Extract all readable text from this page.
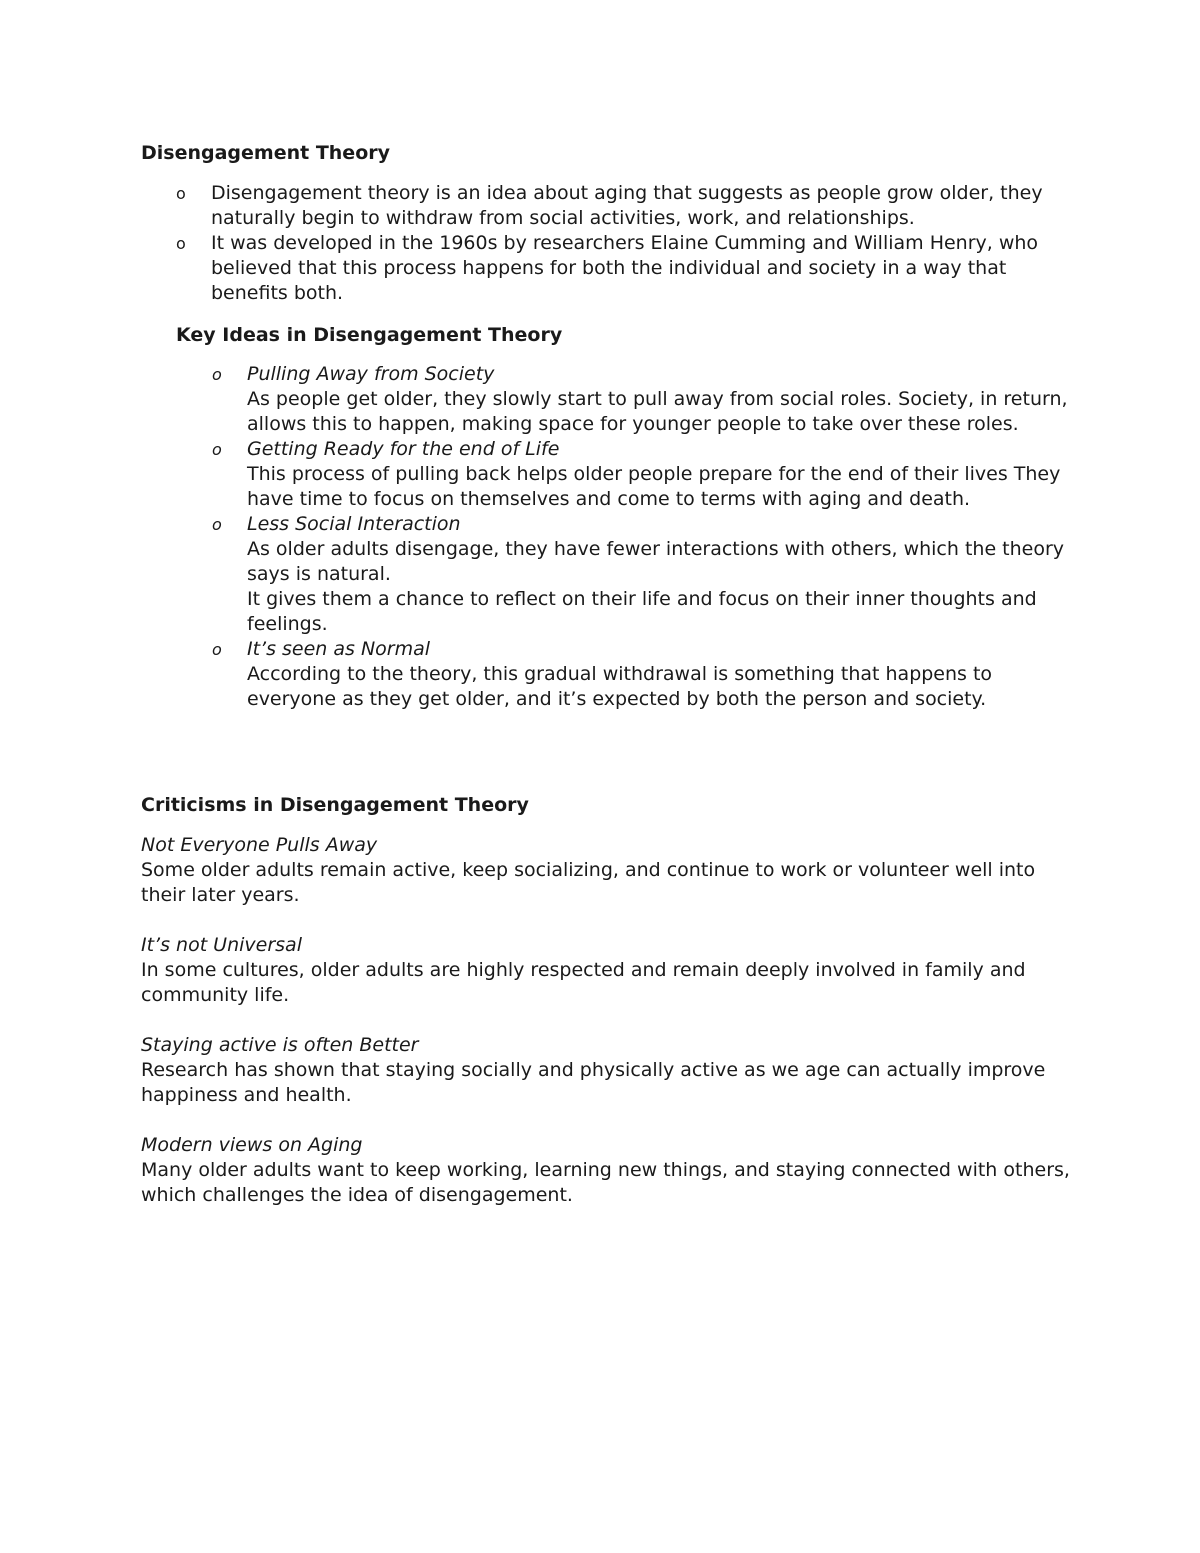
Disengagement Theory
o Disengagement theory is an idea about aging that suggests as people grow older, they naturally begin to withdraw from social activities, work, and relationships.
o It was developed in the 1960s by researchers Elaine Cumming and William Henry, who believed that this process happens for both the individual and society in a way that benefits both.
Key Ideas in Disengagement Theory
o Pulling Away from Society
As people get older, they slowly start to pull away from social roles. Society, in return, allows this to happen, making space for younger people to take over these roles.
o Getting Ready for the end of Life
This process of pulling back helps older people prepare for the end of their lives They have time to focus on themselves and come to terms with aging and death.
o Less Social Interaction
As older adults disengage, they have fewer interactions with others, which the theory says is natural.
It gives them a chance to reflect on their life and focus on their inner thoughts and feelings.
o It’s seen as Normal
According to the theory, this gradual withdrawal is something that happens to everyone as they get older, and it’s expected by both the person and society.
Criticisms in Disengagement Theory
Not Everyone Pulls Away
Some older adults remain active, keep socializing, and continue to work or volunteer well into their later years.
It’s not Universal
In some cultures, older adults are highly respected and remain deeply involved in family and community life.
Staying active is often Better
Research has shown that staying socially and physically active as we age can actually improve happiness and health.
Modern views on Aging
Many older adults want to keep working, learning new things, and staying connected with others, which challenges the idea of disengagement.
